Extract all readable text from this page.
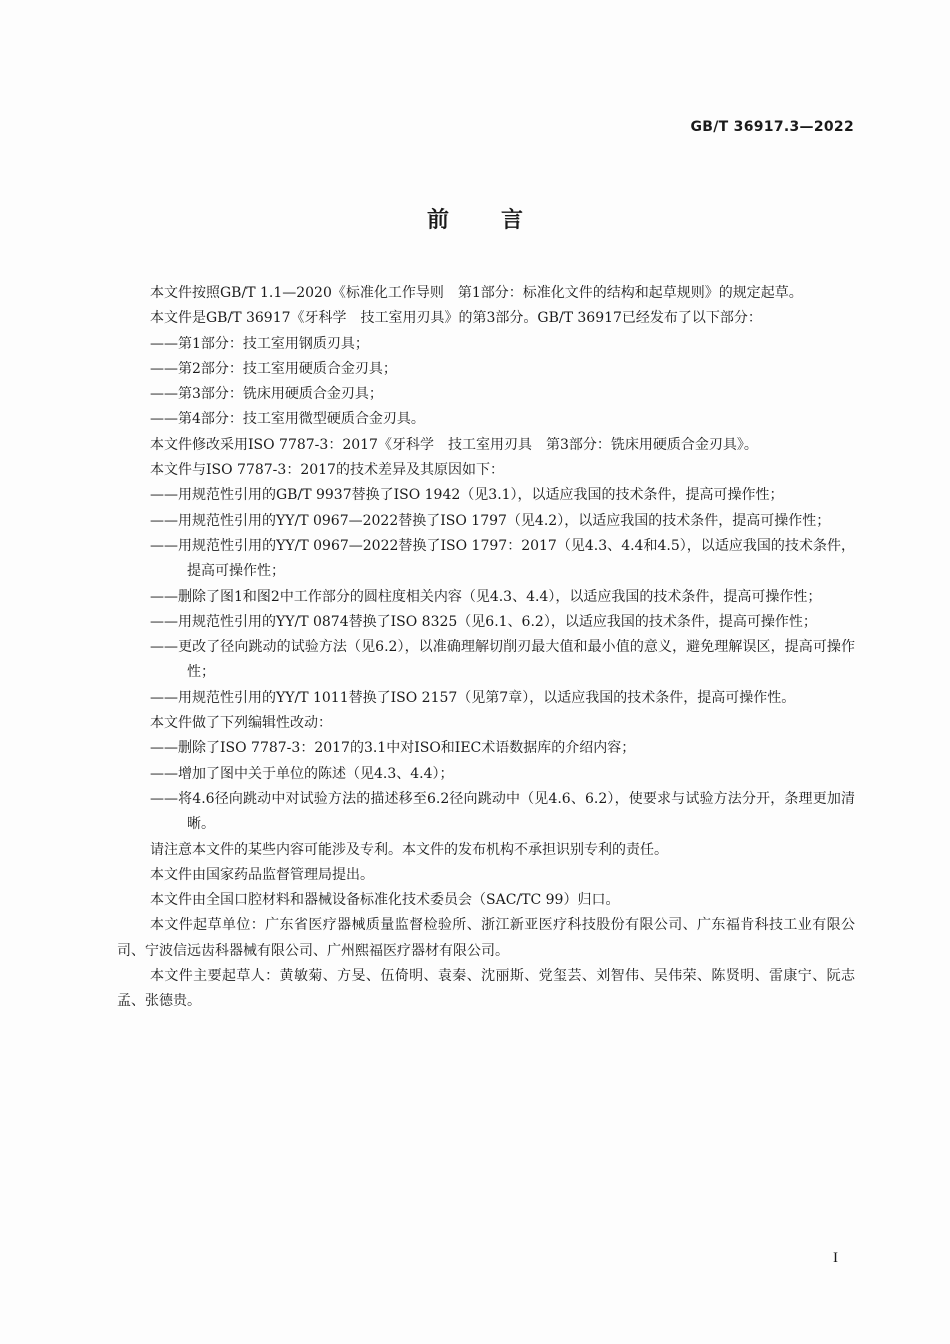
GB/T 36917.3—2022
前 言

本文件按照GB/T 1.1—2020《标准化工作导则　第1部分：标准化文件的结构和起草规则》的规定起草。

本文件是GB/T 36917《牙科学　技工室用刃具》的第3部分。GB/T 36917已经发布了以下部分：

——第1部分：技工室用钢质刃具；

——第2部分：技工室用硬质合金刃具；

——第3部分：铣床用硬质合金刃具；

——第4部分：技工室用微型硬质合金刃具。

本文件修改采用ISO 7787-3：2017《牙科学　技工室用刃具　第3部分：铣床用硬质合金刃具》。

本文件与ISO 7787-3：2017的技术差异及其原因如下：

——用规范性引用的GB/T 9937替换了ISO 1942（见3.1），以适应我国的技术条件，提高可操作性；

——用规范性引用的YY/T 0967—2022替换了ISO 1797（见4.2），以适应我国的技术条件，提高可操作性；

——用规范性引用的YY/T 0967—2022替换了ISO 1797：2017（见4.3、4.4和4.5），以适应我国的技术条件，提高可操作性；

——删除了图1和图2中工作部分的圆柱度相关内容（见4.3、4.4），以适应我国的技术条件，提高可操作性；

——用规范性引用的YY/T 0874替换了ISO 8325（见6.1、6.2），以适应我国的技术条件，提高可操作性；

——更改了径向跳动的试验方法（见6.2），以准确理解切削刃最大值和最小值的意义，避免理解误区，提高可操作性；

——用规范性引用的YY/T 1011替换了ISO 2157（见第7章），以适应我国的技术条件，提高可操作性。

本文件做了下列编辑性改动：

——删除了ISO 7787-3：2017的3.1中对ISO和IEC术语数据库的介绍内容；

——增加了图中关于单位的陈述（见4.3、4.4）；

——将4.6径向跳动中对试验方法的描述移至6.2径向跳动中（见4.6、6.2），使要求与试验方法分开，条理更加清晰。

请注意本文件的某些内容可能涉及专利。本文件的发布机构不承担识别专利的责任。

本文件由国家药品监督管理局提出。

本文件由全国口腔材料和器械设备标准化技术委员会（SAC/TC 99）归口。

本文件起草单位：广东省医疗器械质量监督检验所、浙江新亚医疗科技股份有限公司、广东福肯科技工业有限公司、宁波信远齿科器械有限公司、广州熙福医疗器材有限公司。

本文件主要起草人：黄敏菊、方旻、伍倚明、袁秦、沈丽斯、党玺芸、刘智伟、吴伟荣、陈贤明、雷康宁、阮志孟、张德贵。

I
